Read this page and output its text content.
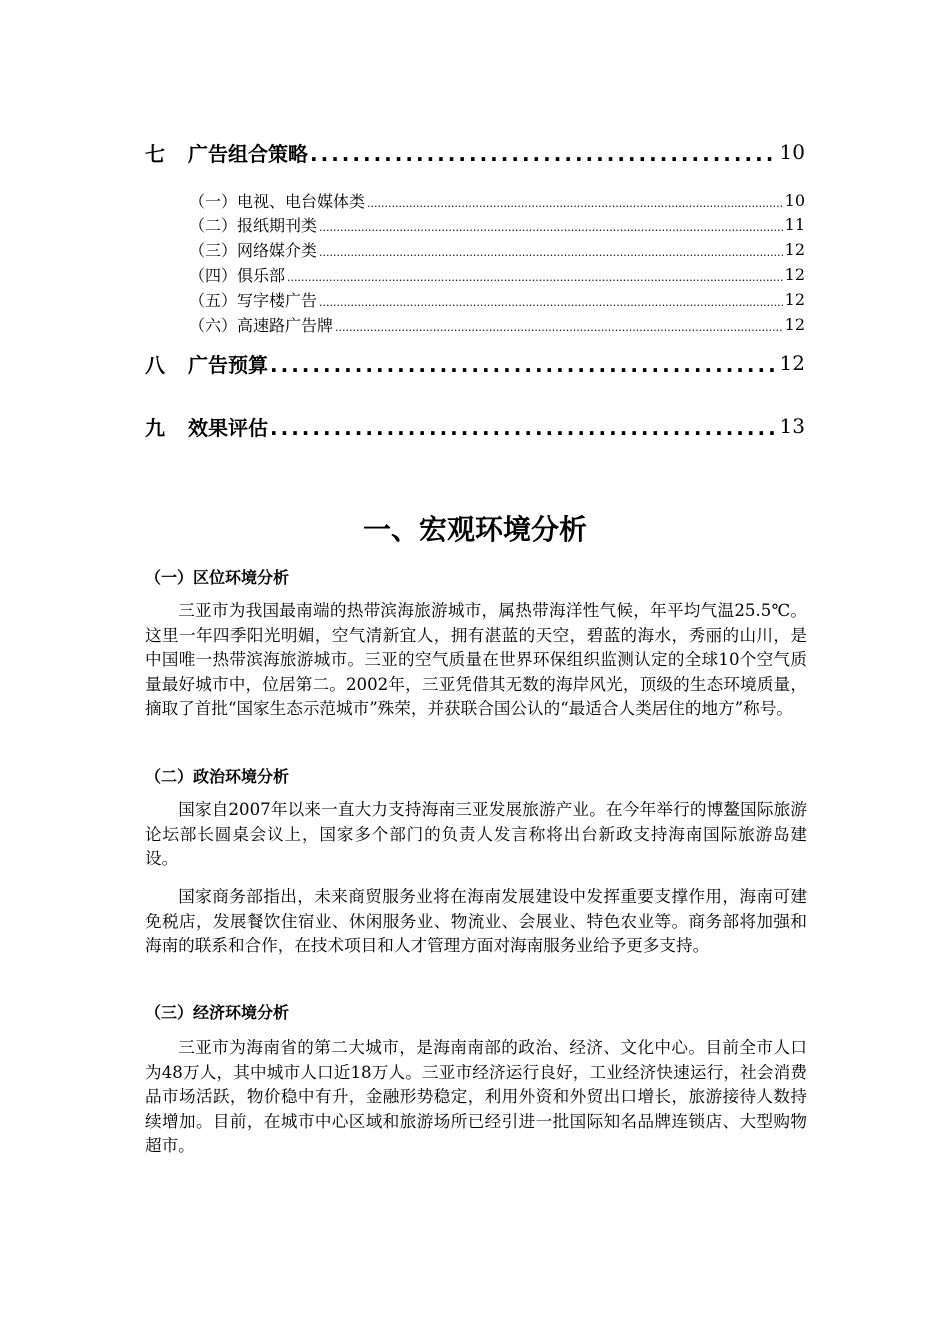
七	广告组合策略 .....	10
（一）电视、电台媒体类 .....	10
（二）报纸期刊类 .....	11
（三）网络媒介类 .....	12
（四）俱乐部 .....	12
（五）写字楼广告 .....	12
（六）高速路广告牌 .....	12
八	广告预算 .....	12
九	效果评估 .....	13
一、宏观环境分析
（一）区位环境分析

三亚市为我国最南端的热带滨海旅游城市，属热带海洋性气候，年平均气温25.5℃。这里一年四季阳光明媚，空气清新宜人，拥有湛蓝的天空，碧蓝的海水，秀丽的山川，是中国唯一热带滨海旅游城市。三亚的空气质量在世界环保组织监测认定的全球10个空气质量最好城市中，位居第二。2002年，三亚凭借其无数的海岸风光，顶级的生态环境质量，摘取了首批“国家生态示范城市”殊荣，并获联合国公认的“最适合人类居住的地方”称号。

（二）政治环境分析

国家自2007年以来一直大力支持海南三亚发展旅游产业。在今年举行的博鳌国际旅游论坛部长圆桌会议上，国家多个部门的负责人发言称将出台新政支持海南国际旅游岛建设。

国家商务部指出，未来商贸服务业将在海南发展建设中发挥重要支撑作用，海南可建免税店，发展餐饮住宿业、休闲服务业、物流业、会展业、特色农业等。商务部将加强和海南的联系和合作，在技术项目和人才管理方面对海南服务业给予更多支持。

（三）经济环境分析

三亚市为海南省的第二大城市，是海南南部的政治、经济、文化中心。目前全市人口为48万人，其中城市人口近18万人。三亚市经济运行良好，工业经济快速运行，社会消费品市场活跃，物价稳中有升，金融形势稳定，利用外资和外贸出口增长，旅游接待人数持续增加。目前，在城市中心区域和旅游场所已经引进一批国际知名品牌连锁店、大型购物超市。
